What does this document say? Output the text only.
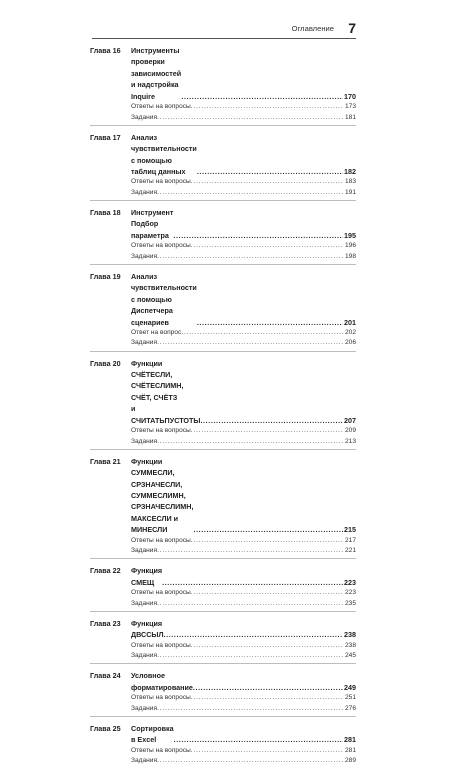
Оглавление 7
Глава 16	Инструменты проверки зависимостей и надстройка Inquire .....	170
Ответы на вопросы .....	173
Задания .....	181
Глава 17	Анализ чувствительности с помощью таблиц данных .....	182
Ответы на вопросы .....	183
Задания .....	191
Глава 18	Инструмент Подбор параметра .....	195
Ответы на вопросы .....	196
Задания .....	198
Глава 19	Анализ чувствительности с помощью Диспетчера сценариев .....	201
Ответ на вопрос .....	202
Задания .....	206
Глава 20	Функции СЧЁТЕСЛИ, СЧЁТЕСЛИМН, СЧЁТ, СЧЁТЗ
и СЧИТАТЬПУСТОТЫ .....	207
Ответы на вопросы .....	209
Задания .....	213
Глава 21	Функции СУММЕСЛИ, СРЗНАЧЕСЛИ, СУММЕСЛИМН,
СРЗНАЧЕСЛИМН, МАКСЕСЛИ и МИНЕСЛИ .....	215
Ответы на вопросы .....	217
Задания .....	221
Глава 22	Функция СМЕЩ .....	223
Ответы на вопросы .....	223
Задания .....	235
Глава 23	Функция ДВССЫЛ .....	238
Ответы на вопросы .....	238
Задания .....	245
Глава 24	Условное форматирование .....	249
Ответы на вопросы .....	251
Задания .....	276
Глава 25	Сортировка в Excel .....	281
Ответы на вопросы .....	281
Задания .....	289
